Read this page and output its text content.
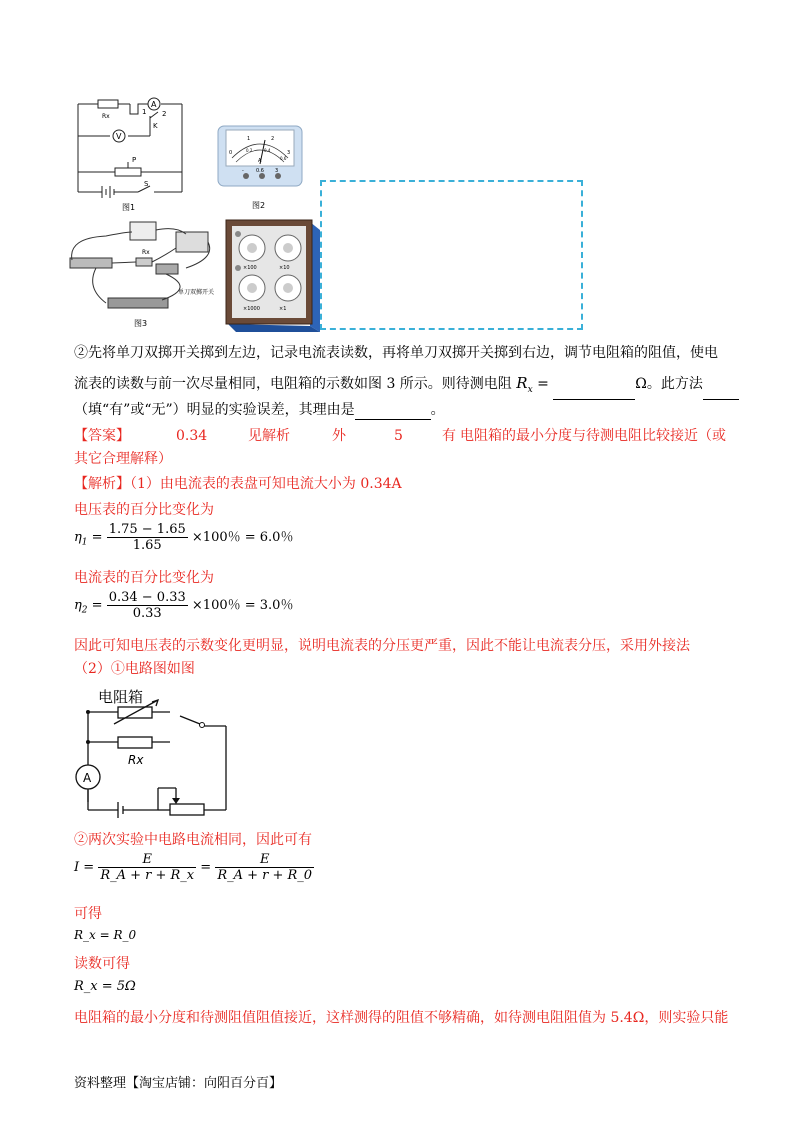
A
V
Rx
K
1 2
P
S
图1
0
1	2
3
0.2	0.4
0.6
A
- 0.6 3
图2
Rx
单刀双掷开关
图3
×100	×10
×1000	×1
②先将单刀双掷开关掷到左边，记录电流表读数，再将单刀双掷开关掷到右边，调节电阻箱的阻值，使电
流表的读数与前一次尽量相同，电阻箱的示数如图 3 所示。则待测电阻 $R_x$ =	Ω。此方法
（填“有”或“无”）明显的实验误差，其理由是	。
【答案】	0.34	见解析	外	5	有 电阻箱的最小分度与待测电阻比较接近（或
其它合理解释）
【解析】（1）由电流表的表盘可知电流大小为 0.34A
电压表的百分比变化为
$\eta_1 = \frac{1.75 - 1.65}{1.65} \times 100$％ = 6.0％
电流表的百分比变化为
$\eta_2 = \frac{0.34 - 0.33}{0.33} \times 100$％ = 3.0％
因此可知电压表的示数变化更明显，说明电流表的分压更严重，因此不能让电流表分压，采用外接法
（2）①电路图如图
电阻箱
A
Rx
②两次实验中电路电流相同，因此可有
$I = \frac{E}{R\_A + r + R\_x} = \frac{E}{R\_A + r + R\_0}$
可得
R_x = R_0
读数可得
R_x = 5Ω
电阻箱的最小分度和待测阻值阻值接近，这样测得的阻值不够精确，如待测电阻阻值为 5.4Ω，则实验只能
资料整理【淘宝店铺：向阳百分百】
